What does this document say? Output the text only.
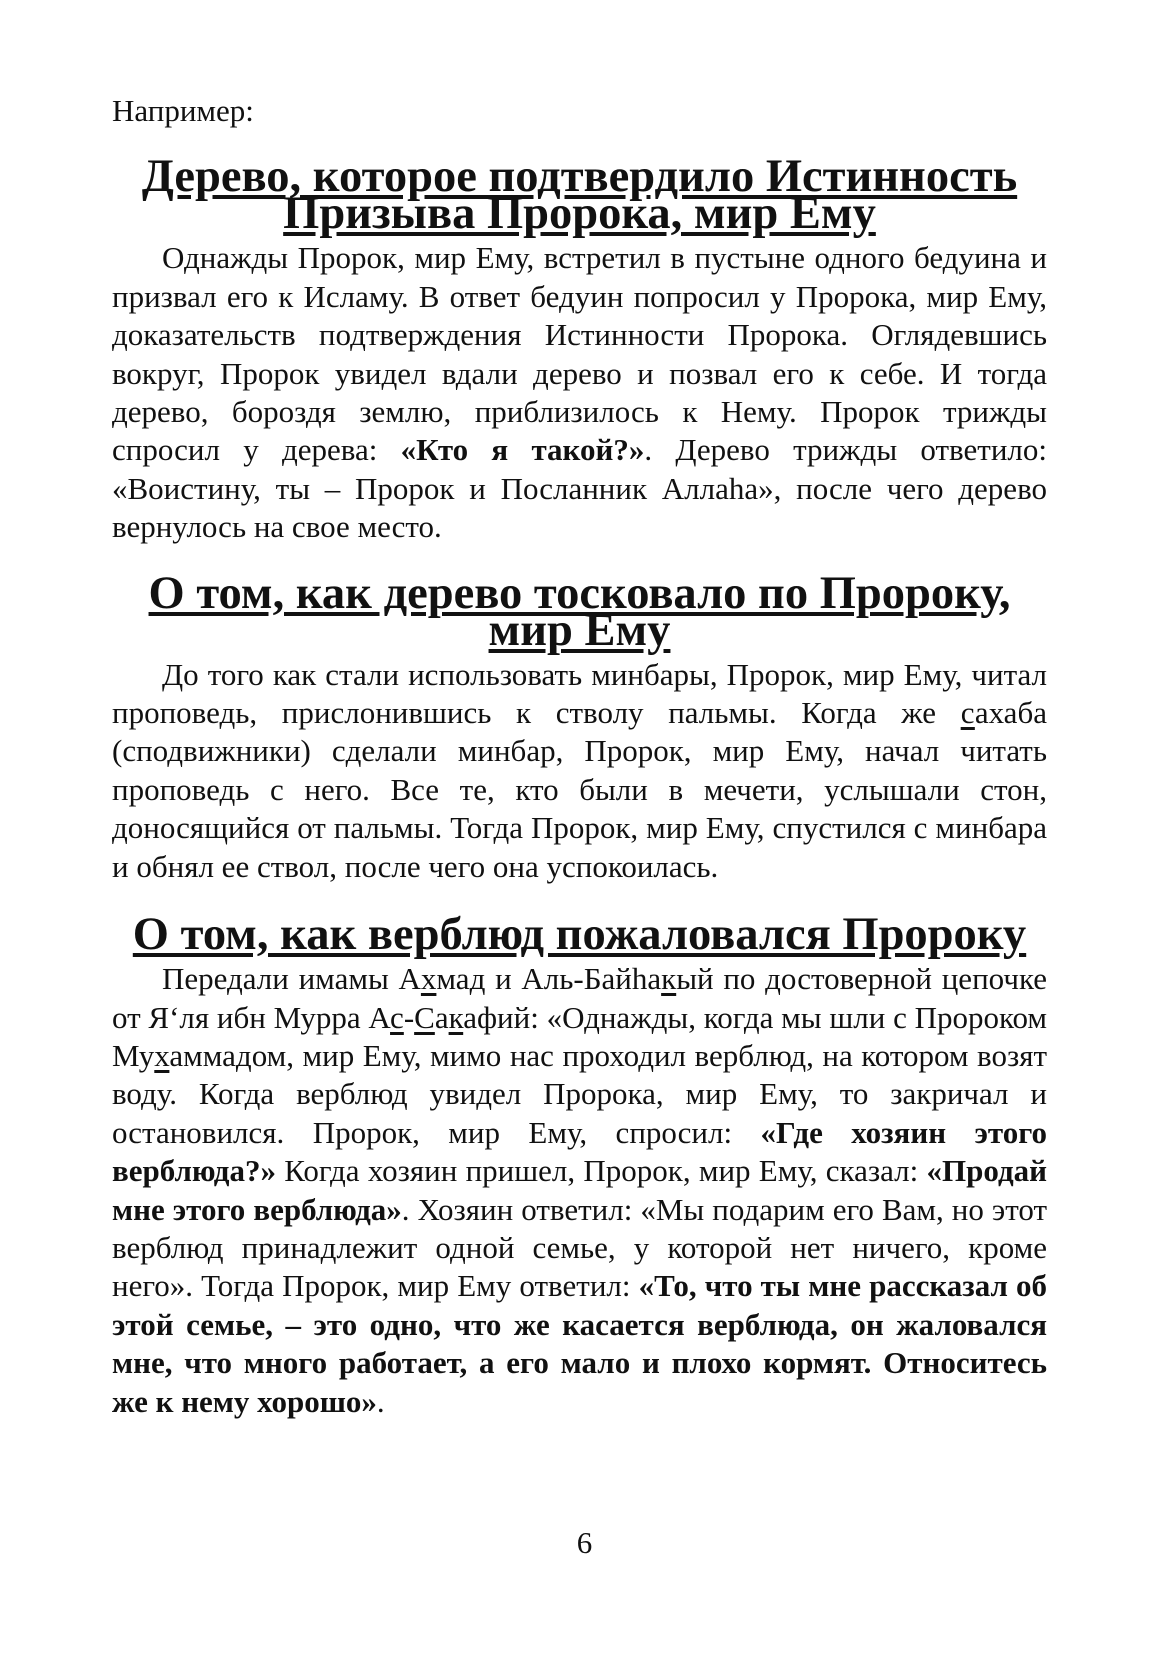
Например:

Дерево, которое подтвердило Истинность Призыва Пророка, мир Ему

Однажды Пророк, мир Ему, встретил в пустыне одного бедуина и призвал его к Исламу. В ответ бедуин попросил у Пророка, мир Ему, доказательств подтверждения Истинности Пророка. Оглядевшись вокруг, Пророк увидел вдали дерево и позвал его к себе. И тогда дерево, бороздя землю, приблизилось к Нему. Пророк трижды спросил у дерева: «Кто я такой?». Дерево трижды ответило: «Воистину, ты – Пророк и Посланник Аллаhа», после чего дерево вернулось на свое место.

О том, как дерево тосковало по Пророку, мир Ему

До того как стали использовать минбары, Пророк, мир Ему, читал проповедь, прислонившись к стволу пальмы. Когда же сахаба (сподвижники) сделали минбар, Пророк, мир Ему, начал читать проповедь с него. Все те, кто были в мечети, услышали стон, доносящийся от пальмы. Тогда Пророк, мир Ему, спустился с минбара и обнял ее ствол, после чего она успокоилась.

О том, как верблюд пожаловался Пророку

Передали имамы Ахмад и Аль-Байhакый по достоверной цепочке от Я‘ля ибн Мурра Ас-Сакафий: «Однажды, когда мы шли с Пророком Мухаммадом, мир Ему, мимо нас проходил верблюд, на котором возят воду. Когда верблюд увидел Пророка, мир Ему, то закричал и остановился. Пророк, мир Ему, спросил: «Где хозяин этого верблюда?» Когда хозяин пришел, Пророк, мир Ему, сказал: «Продай мне этого верблюда». Хозяин ответил: «Мы подарим его Вам, но этот верблюд принадлежит одной семье, у которой нет ничего, кроме него». Тогда Пророк, мир Ему ответил: «То, что ты мне рассказал об этой семье, – это одно, что же касается верблюда, он жаловался мне, что много работает, а его мало и плохо кормят. Относитесь же к нему хорошо».

6
